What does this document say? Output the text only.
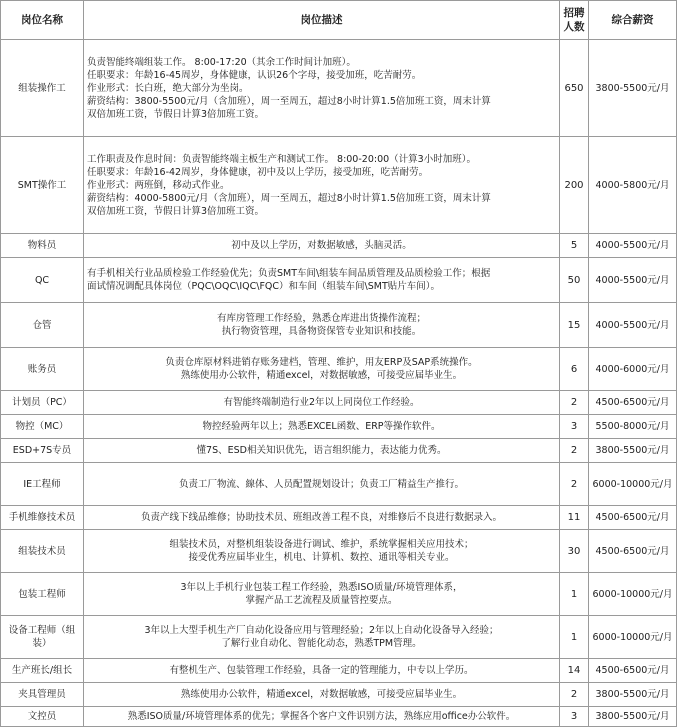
岗位名称	岗位描述	招聘人数	综合薪资
组装操作工	负责智能终端组装工作。 8:00-17:20（其余工作时间计加班）。
任职要求：年龄16-45周岁，身体健康，认识26个字母，接受加班，吃苦耐劳。
作业形式：长白班，绝大部分为坐岗。
薪资结构：3800-5500元/月（含加班），周一至周五，超过8小时计算1.5倍加班工资，周末计算
双倍加班工资，节假日计算3倍加班工资。	650	3800-5500元/月
SMT操作工	工作职责及作息时间：负责智能终端主板生产和测试工作。 8:00-20:00（计算3小时加班）。
任职要求：年龄16-42周岁，身体健康，初中及以上学历，接受加班，吃苦耐劳。
作业形式：两班倒，移动式作业。
薪资结构：4000-5800元/月（含加班），周一至周五，超过8小时计算1.5倍加班工资，周末计算
双倍加班工资，节假日计算3倍加班工资。	200	4000-5800元/月
物料员	初中及以上学历，对数据敏感，头脑灵活。	5	4000-5500元/月
QC	有手机相关行业品质检验工作经验优先；负责SMT车间\组装车间品质管理及品质检验工作；根据
面试情况调配具体岗位（PQC\OQC\IQC\FQC）和车间（组装车间\SMT贴片车间）。	50	4000-5500元/月
仓管	有库房管理工作经验，熟悉仓库进出货操作流程；
执行物资管理，具备物资保管专业知识和技能。	15	4000-5500元/月
账务员	负责仓库原材料进销存账务建档，管理、维护，用友ERP及SAP系统操作。
熟练使用办公软件，精通excel，对数据敏感，可接受应届毕业生。	6	4000-6000元/月
计划员（PC）	有智能终端制造行业2年以上同岗位工作经验。	2	4500-6500元/月
物控（MC）	物控经验两年以上；熟悉EXCEL函数、ERP等操作软件。	3	5500-8000元/月
ESD+7S专员	懂7S、ESD相关知识优先，语言组织能力，表达能力优秀。	2	3800-5500元/月
IE工程师	负责工厂物流、線体、人员配置规划设计；负责工厂精益生产推行。	2	6000-10000元/月
手机维修技术员	负责产线下线品维修；协助技术员、班组改善工程不良，对维修后不良进行数据录入。	11	4500-6500元/月
组装技术员	组装技术员，对整机组装设备进行调试、维护，系统掌握相关应用技术；
接受优秀应届毕业生，机电、计算机、数控、通讯等相关专业。	30	4500-6500元/月
包装工程师	3年以上手机行业包装工程工作经验，熟悉ISO质量/环境管理体系，
掌握产品工艺流程及质量管控要点。	1	6000-10000元/月
设备工程师（组装）	3年以上大型手机生产厂自动化设备应用与管理经验；2年以上自动化设备导入经验；
了解行业自动化、智能化动态，熟悉TPM管理。	1	6000-10000元/月
生产班长/组长	有整机生产、包装管理工作经验，具备一定的管理能力，中专以上学历。	14	4500-6500元/月
夹具管理员	熟练使用办公软件，精通excel，对数据敏感，可接受应届毕业生。	2	3800-5500元/月
文控员	熟悉ISO质量/环境管理体系的优先；掌握各个客户文件识别方法，熟练应用office办公软件。	3	3800-5500元/月
